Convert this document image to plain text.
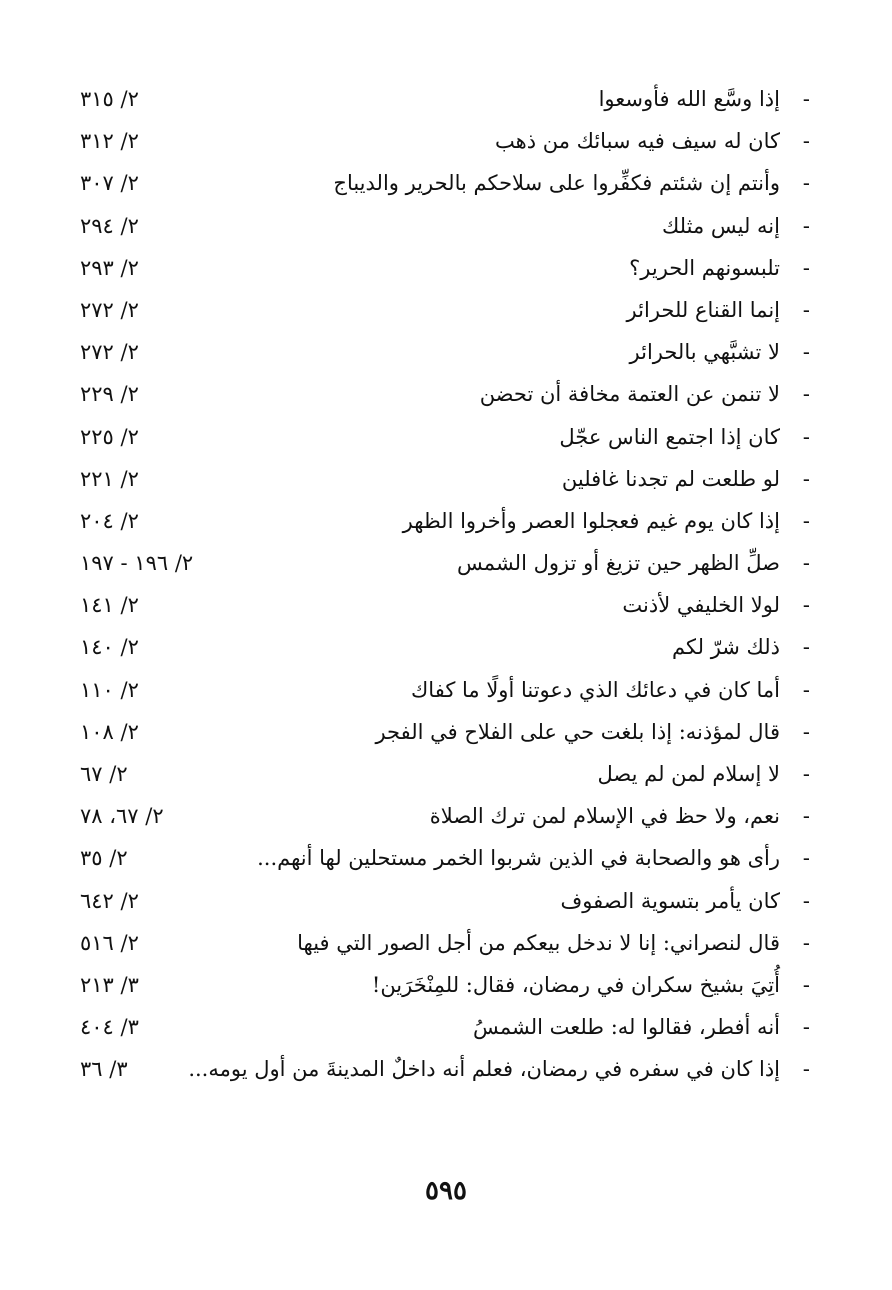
-
إذا وسَّع الله فأوسعوا
٢/ ٣١٥
-
كان له سيف فيه سبائك من ذهب
٢/ ٣١٢
-
وأنتم إن شئتم فكفِّروا على سلاحكم بالحرير والديباج
٢/ ٣٠٧
-
إنه ليس مثلك
٢/ ٢٩٤
-
تلبسونهم الحرير؟
٢/ ٢٩٣
-
إنما القناع للحرائر
٢/ ٢٧٢
-
لا تشبَّهي بالحرائر
٢/ ٢٧٢
-
لا تنمن عن العتمة مخافة أن تحضن
٢/ ٢٢٩
-
كان إذا اجتمع الناس عجّل
٢/ ٢٢٥
-
لو طلعت لم تجدنا غافلين
٢/ ٢٢١
-
إذا كان يوم غيم فعجلوا العصر وأخروا الظهر
٢/ ٢٠٤
-
صلِّ الظهر حين تزيغ أو تزول الشمس
٢/ ١٩٦ - ١٩٧
-
لولا الخليفي لأذنت
٢/ ١٤١
-
ذلك شرّ لكم
٢/ ١٤٠
-
أما كان في دعائك الذي دعوتنا أولًا ما كفاك
٢/ ١١٠
-
قال لمؤذنه: إذا بلغت حي على الفلاح في الفجر
٢/ ١٠٨
-
لا إسلام لمن لم يصل
٢/ ٦٧
-
نعم، ولا حظ في الإسلام لمن ترك الصلاة
٢/ ٦٧، ٧٨
-
رأى هو والصحابة في الذين شربوا الخمر مستحلين لها أنهم...
٢/ ٣٥
-
كان يأمر بتسوية الصفوف
٢/ ٦٤٢
-
قال لنصراني: إنا لا ندخل بيعكم من أجل الصور التي فيها
٢/ ٥١٦
-
أُتِيَ بشيخ سكران في رمضان، فقال: للمِنْخَرَين!
٣/ ٢١٣
-
أنه أفطر، فقالوا له: طلعت الشمسُ
٣/ ٤٠٤
-
إذا كان في سفره في رمضان، فعلم أنه داخلٌ المدينةَ من أول يومه...
٣/ ٣٦
٥٩٥
